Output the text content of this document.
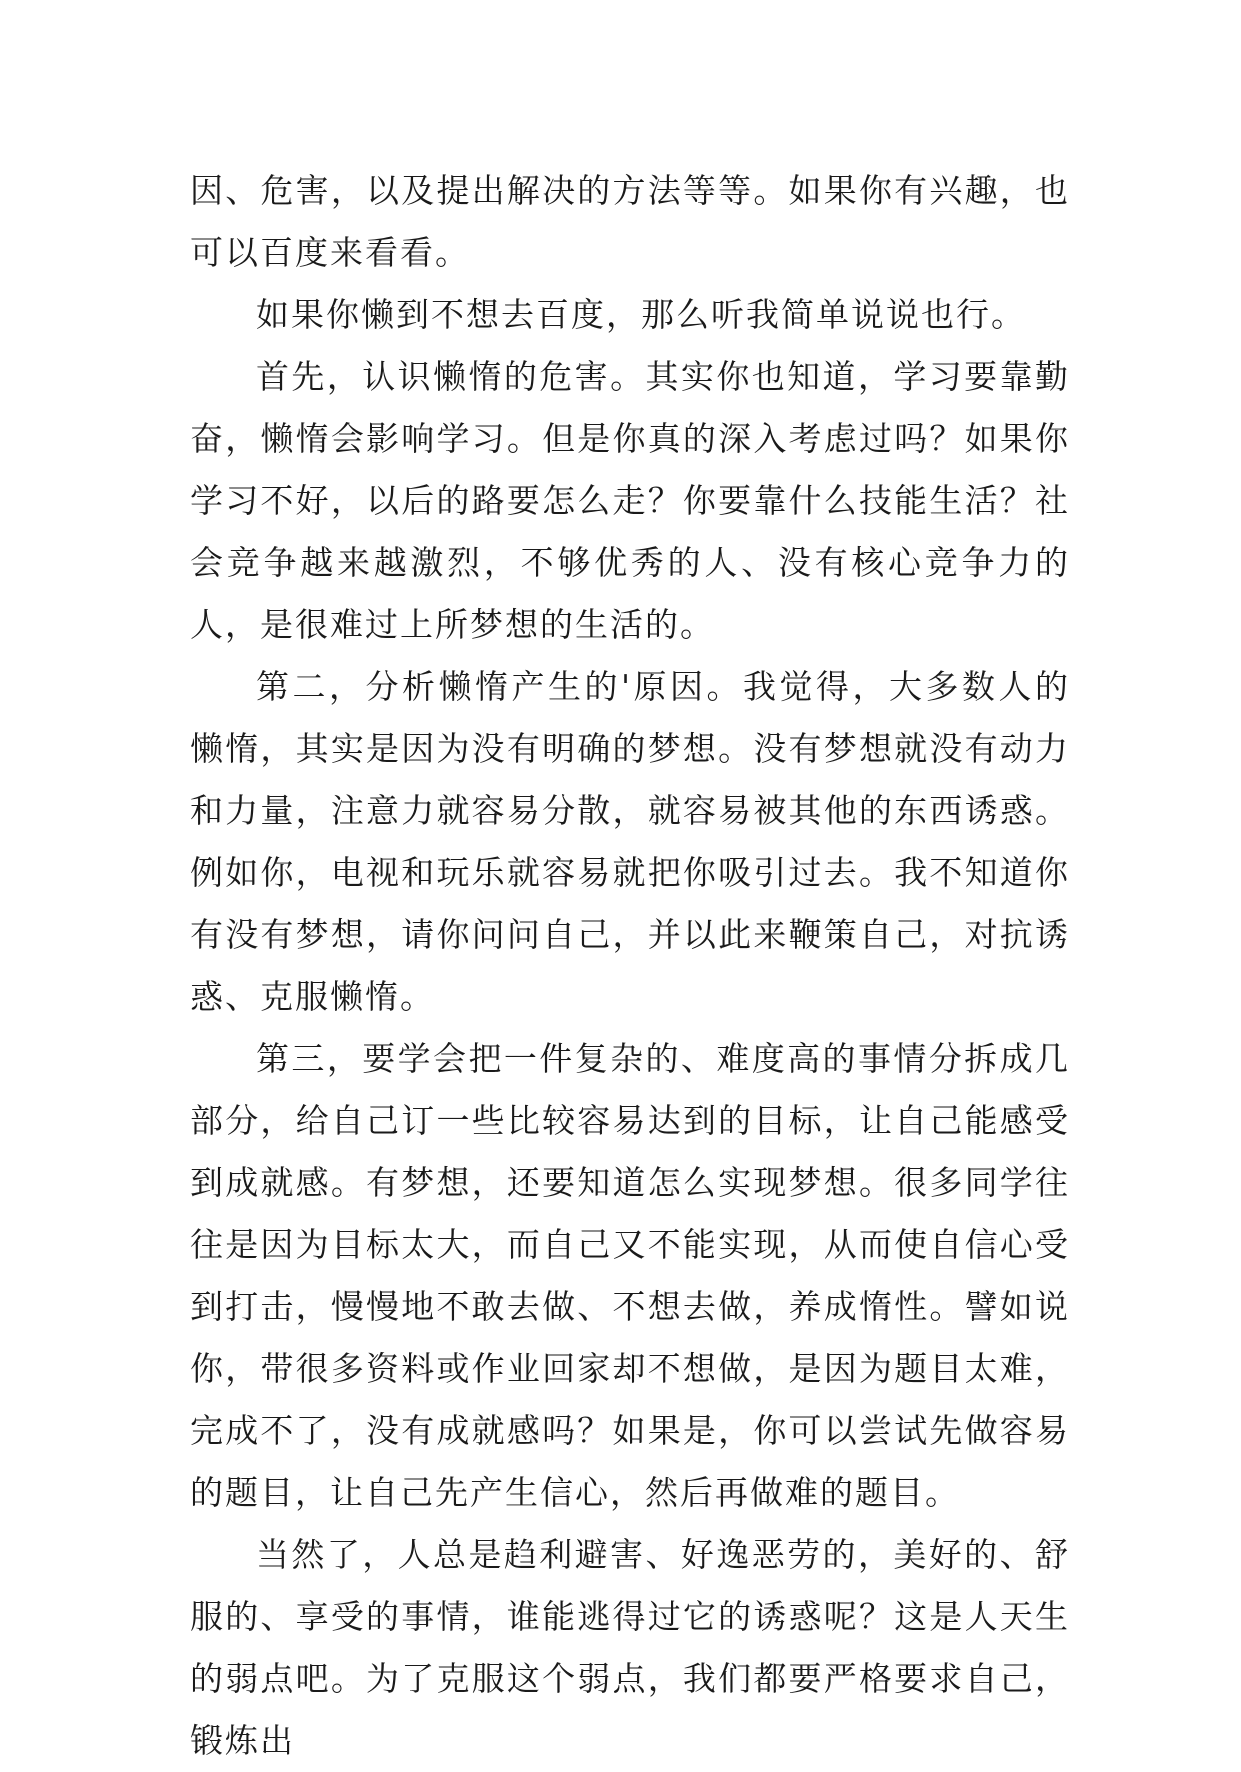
因、危害，以及提出解决的方法等等。如果你有兴趣，也可以百度来看看。

如果你懒到不想去百度，那么听我简单说说也行。

首先，认识懒惰的危害。其实你也知道，学习要靠勤奋，懒惰会影响学习。但是你真的深入考虑过吗？如果你学习不好，以后的路要怎么走？你要靠什么技能生活？社会竞争越来越激烈，不够优秀的人、没有核心竞争力的人，是很难过上所梦想的生活的。

第二，分析懒惰产生的'原因。我觉得，大多数人的懒惰，其实是因为没有明确的梦想。没有梦想就没有动力和力量，注意力就容易分散，就容易被其他的东西诱惑。例如你，电视和玩乐就容易就把你吸引过去。我不知道你有没有梦想，请你问问自己，并以此来鞭策自己，对抗诱惑、克服懒惰。

第三，要学会把一件复杂的、难度高的事情分拆成几部分，给自己订一些比较容易达到的目标，让自己能感受到成就感。有梦想，还要知道怎么实现梦想。很多同学往往是因为目标太大，而自己又不能实现，从而使自信心受到打击，慢慢地不敢去做、不想去做，养成惰性。譬如说你，带很多资料或作业回家却不想做，是因为题目太难，完成不了，没有成就感吗？如果是，你可以尝试先做容易的题目，让自己先产生信心，然后再做难的题目。

当然了，人总是趋利避害、好逸恶劳的，美好的、舒服的、享受的事情，谁能逃得过它的诱惑呢？这是人天生的弱点吧。为了克服这个弱点，我们都要严格要求自己，锻炼出
